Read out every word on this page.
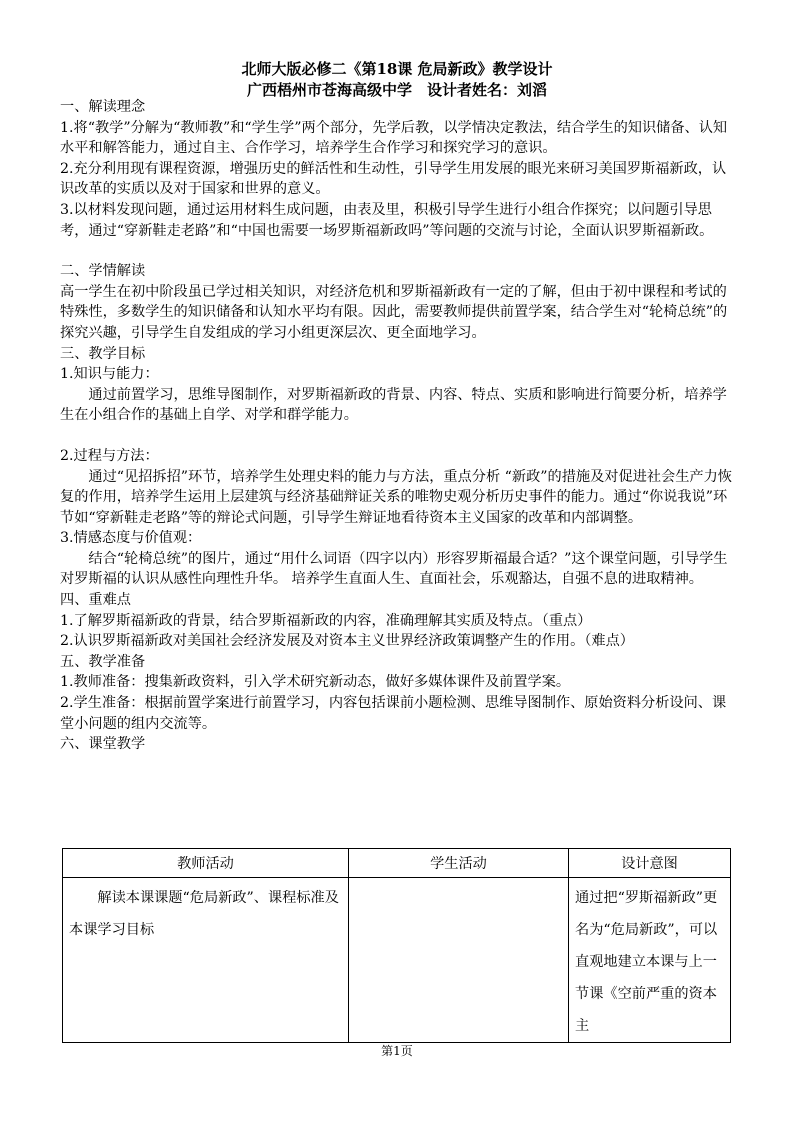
北师大版必修二《第18课 危局新政》教学设计
广西梧州市苍海高级中学　设计者姓名：刘滔

一、解读理念

1.将“教学”分解为“教师教”和“学生学”两个部分，先学后教，以学情决定教法，结合学生的知识储备、认知水平和解答能力，通过自主、合作学习，培养学生合作学习和探究学习的意识。

2.充分利用现有课程资源，增强历史的鲜活性和生动性，引导学生用发展的眼光来研习美国罗斯福新政，认识改革的实质以及对于国家和世界的意义。

3.以材料发现问题，通过运用材料生成问题，由表及里，积极引导学生进行小组合作探究；以问题引导思考，通过“穿新鞋走老路”和“中国也需要一场罗斯福新政吗”等问题的交流与讨论，全面认识罗斯福新政。

二、学情解读

高一学生在初中阶段虽已学过相关知识，对经济危机和罗斯福新政有一定的了解，但由于初中课程和考试的特殊性，多数学生的知识储备和认知水平均有限。因此，需要教师提供前置学案，结合学生对“轮椅总统”的探究兴趣，引导学生自发组成的学习小组更深层次、更全面地学习。

三、教学目标

1.知识与能力：

通过前置学习，思维导图制作，对罗斯福新政的背景、内容、特点、实质和影响进行简要分析，培养学生在小组合作的基础上自学、对学和群学能力。

2.过程与方法：

通过“见招拆招”环节，培养学生处理史料的能力与方法，重点分析 “新政”的措施及对促进社会生产力恢复的作用，培养学生运用上层建筑与经济基础辩证关系的唯物史观分析历史事件的能力。通过“你说我说”环节如“穿新鞋走老路”等的辩论式问题，引导学生辩证地看待资本主义国家的改革和内部调整。

3.情感态度与价值观：

结合“轮椅总统”的图片，通过“用什么词语（四字以内）形容罗斯福最合适？”这个课堂问题，引导学生对罗斯福的认识从感性向理性升华。 培养学生直面人生、直面社会，乐观豁达，自强不息的进取精神。

四、重难点

1.了解罗斯福新政的背景，结合罗斯福新政的内容，准确理解其实质及特点。（重点）

2.认识罗斯福新政对美国社会经济发展及对资本主义世界经济政策调整产生的作用。（难点）

五、教学准备

1.教师准备：搜集新政资料，引入学术研究新动态，做好多媒体课件及前置学案。

2.学生准备：根据前置学案进行前置学习，内容包括课前小题检测、思维导图制作、原始资料分析设问、课堂小问题的组内交流等。

六、课堂教学

教师活动	学生活动	设计意图
解读本课课题“危局新政”、课程标准及本课学习目标		通过把“罗斯福新政”更名为“危局新政”，可以直观地建立本课与上一节课《空前严重的资本主
第1页
